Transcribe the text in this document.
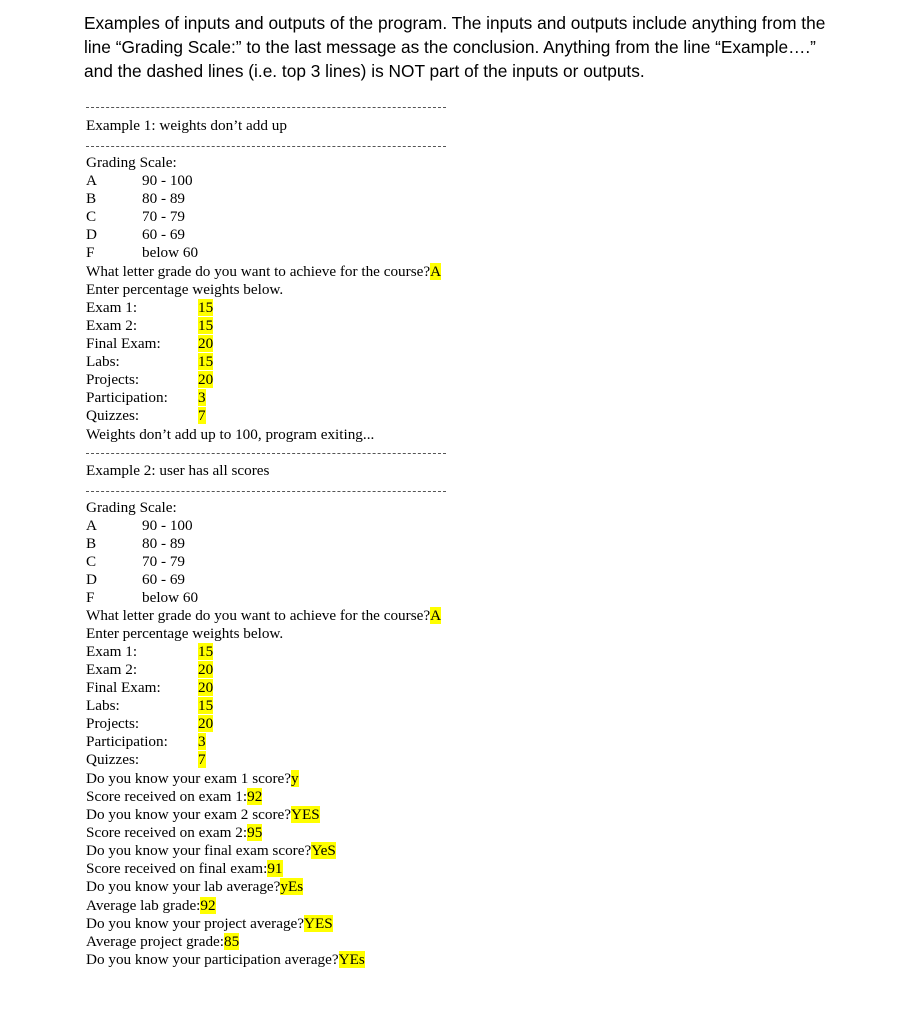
Examples of inputs and outputs of the program. The inputs and outputs include anything from the line “Grading Scale:” to the last message as the conclusion. Anything from the line “Example….” and the dashed lines (i.e. top 3 lines) is NOT part of the inputs or outputs.
Example 1: weights don’t add up
Grading Scale:
A	90 - 100
B	80 - 89
C	70 - 79
D	60 - 69
F	below 60
What letter grade do you want to achieve for the course?A
Enter percentage weights below.
Exam 1:	15
Exam 2:	15
Final Exam: 20
Labs:	15
Projects:	20
Participation: 3
Quizzes:	7
Weights don’t add up to 100, program exiting...
Example 2: user has all scores
Grading Scale:
A	90 - 100
B	80 - 89
C	70 - 79
D	60 - 69
F	below 60
What letter grade do you want to achieve for the course?A
Enter percentage weights below.
Exam 1:	15
Exam 2:	20
Final Exam: 20
Labs:	15
Projects:	20
Participation: 3
Quizzes:	7
Do you know your exam 1 score?y
Score received on exam 1:92
Do you know your exam 2 score?YES
Score received on exam 2:95
Do you know your final exam score?YeS
Score received on final exam:91
Do you know your lab average?yEs
Average lab grade:92
Do you know your project average?YES
Average project grade:85
Do you know your participation average?YEs
